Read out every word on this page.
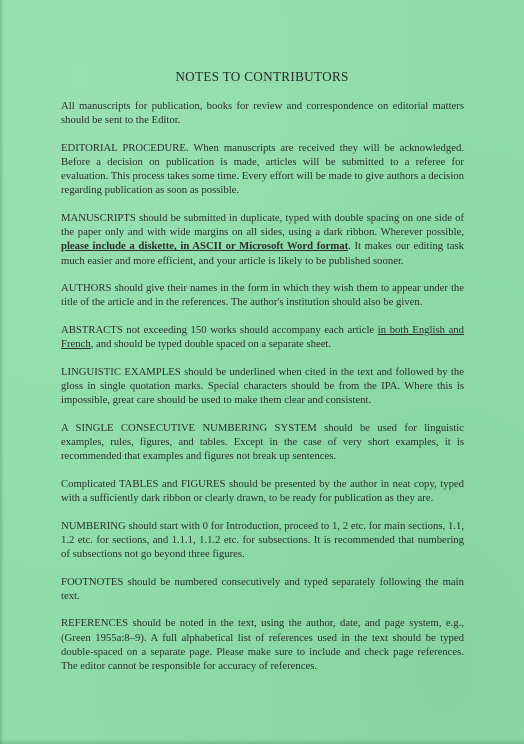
NOTES TO CONTRIBUTORS

All manuscripts for publication, books for review and correspondence on editorial matters should be sent to the Editor.

EDITORIAL PROCEDURE. When manuscripts are received they will be acknowledged. Before a decision on publication is made, articles will be submitted to a referee for evaluation. This process takes some time. Every effort will be made to give authors a decision regarding publication as soon as possible.

MANUSCRIPTS should be submitted in duplicate, typed with double spacing on one side of the paper only and with wide margins on all sides, using a dark ribbon. Wherever possible, please include a diskette, in ASCII or Microsoft Word format. It makes our editing task much easier and more efficient, and your article is likely to be published sooner.

AUTHORS should give their names in the form in which they wish them to appear under the title of the article and in the references. The author's institution should also be given.

ABSTRACTS not exceeding 150 works should accompany each article in both English and French, and should be typed double spaced on a separate sheet.

LINGUISTIC EXAMPLES should be underlined when cited in the text and followed by the gloss in single quotation marks. Special characters should be from the IPA. Where this is impossible, great care should be used to make them clear and consistent.

A SINGLE CONSECUTIVE NUMBERING SYSTEM should be used for linguistic examples, rules, figures, and tables. Except in the case of very short examples, it is recommended that examples and figures not break up sentences.

Complicated TABLES and FIGURES should be presented by the author in neat copy, typed with a sufficiently dark ribbon or clearly drawn, to be ready for publication as they are.

NUMBERING should start with 0 for Introduction, proceed to 1, 2 etc. for main sections, 1.1, 1.2 etc. for sections, and 1.1.1, 1.1.2 etc. for subsections. It is recommended that numbering of subsections not go beyond three figures.

FOOTNOTES should be numbered consecutively and typed separately following the main text.

REFERENCES should be noted in the text, using the author, date, and page system, e.g., (Green 1955a:8–9). A full alphabetical list of references used in the text should be typed double-spaced on a separate page. Please make sure to include and check page references. The editor cannot be responsible for accuracy of references.
